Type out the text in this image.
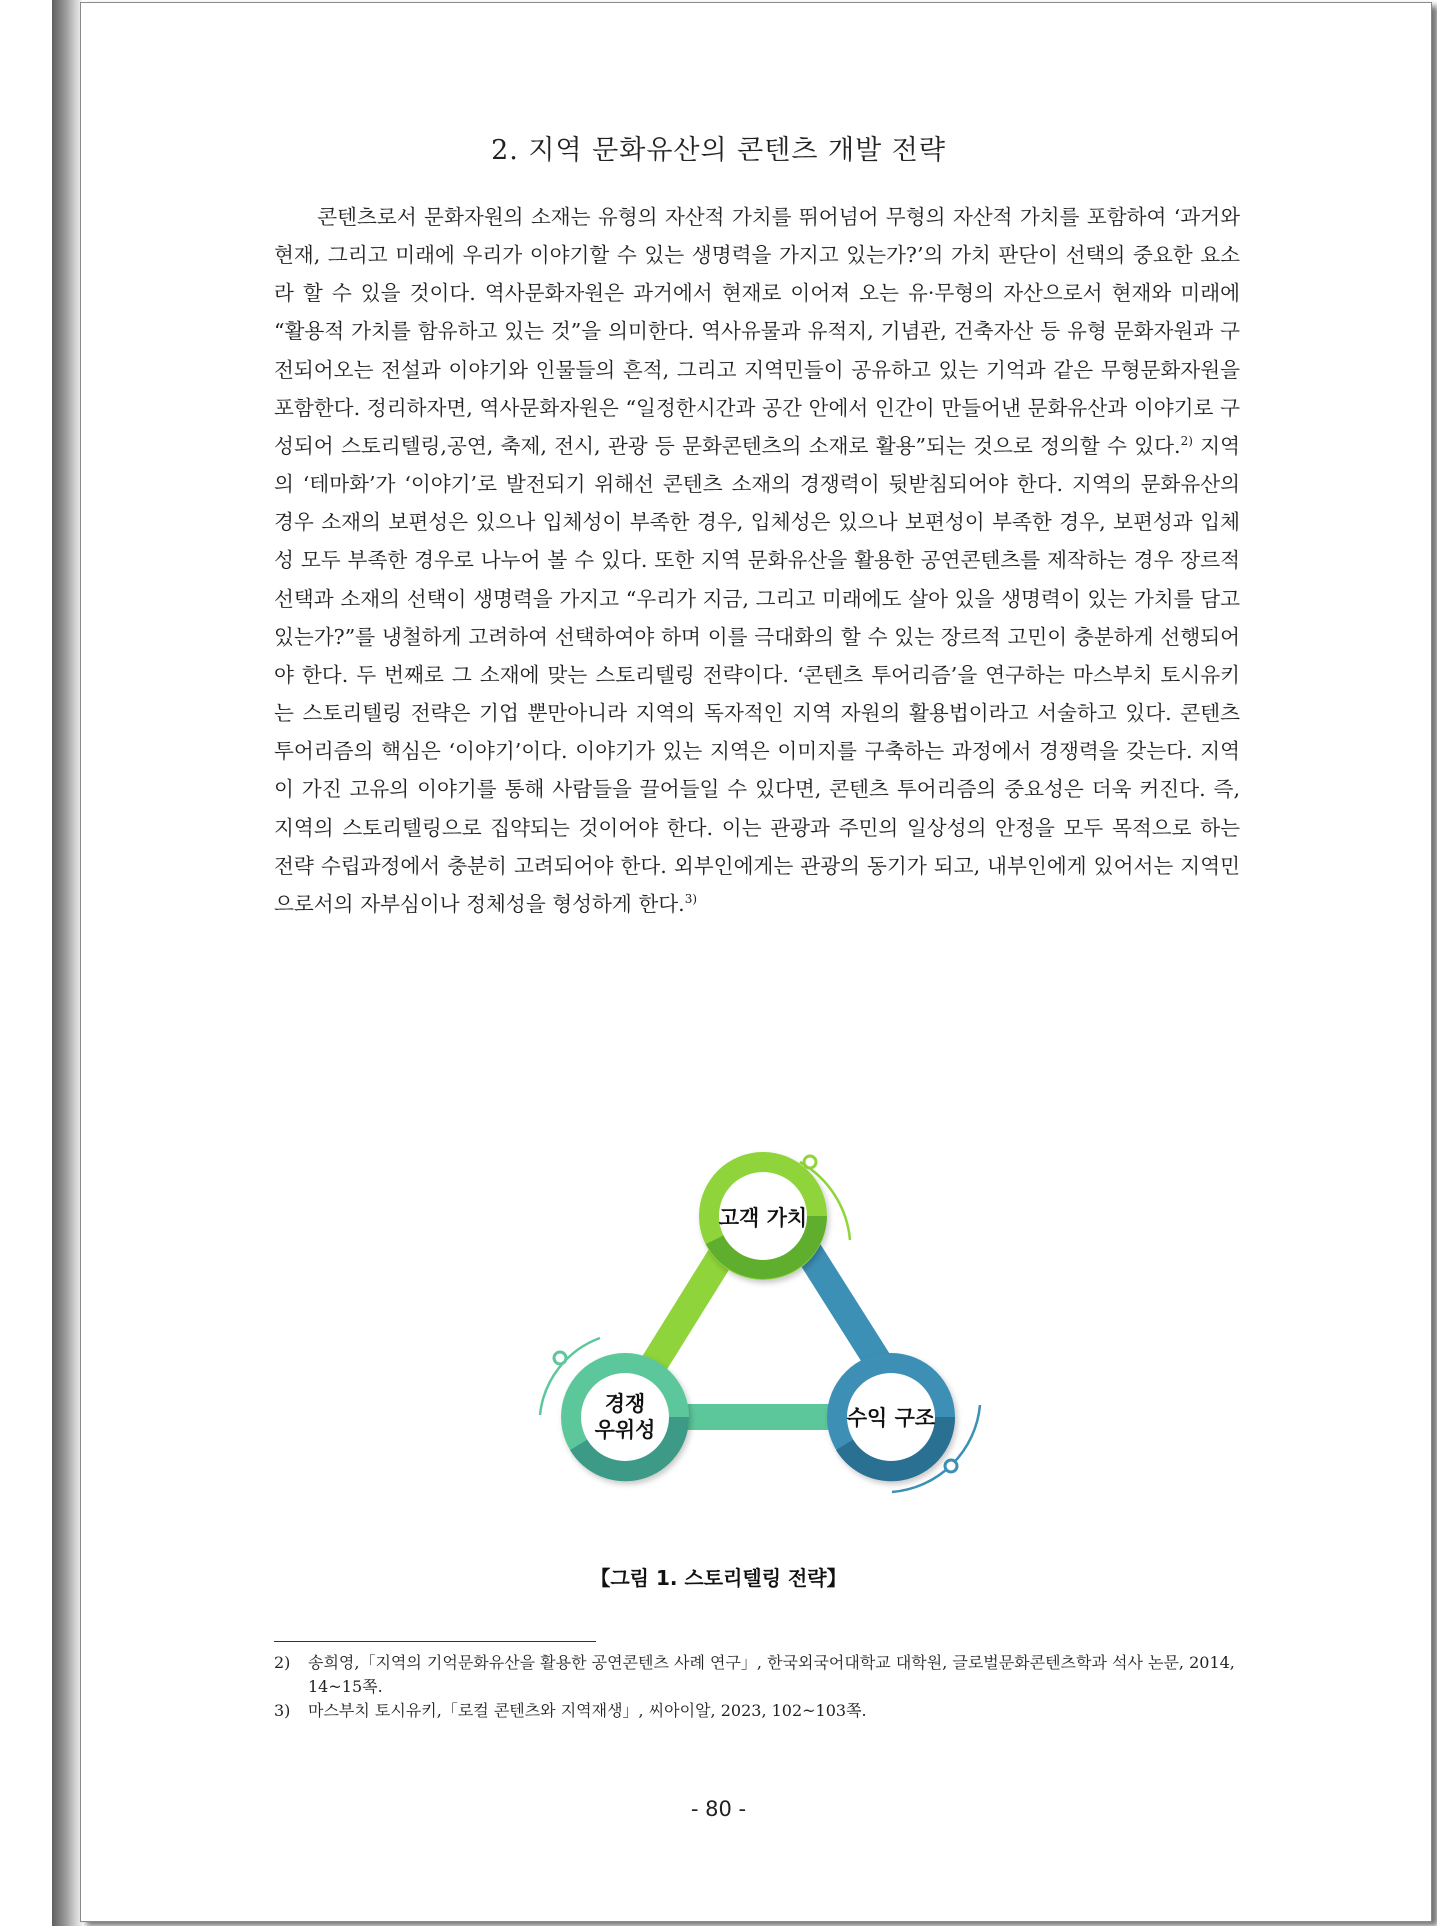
2. 지역 문화유산의 콘텐츠 개발 전략

콘텐츠로서 문화자원의 소재는 유형의 자산적 가치를 뛰어넘어 무형의 자산적 가치를 포함하여 ‘과거와 현재, 그리고 미래에 우리가 이야기할 수 있는 생명력을 가지고 있는가?’의 가치 판단이 선택의 중요한 요소라 할 수 있을 것이다. 역사문화자원은 과거에서 현재로 이어져 오는 유·무형의 자산으로서 현재와 미래에 “활용적 가치를 함유하고 있는 것”을 의미한다. 역사유물과 유적지, 기념관, 건축자산 등 유형 문화자원과 구전되어오는 전설과 이야기와 인물들의 흔적, 그리고 지역민들이 공유하고 있는 기억과 같은 무형문화자원을 포함한다. 정리하자면, 역사문화자원은 “일정한시간과 공간 안에서 인간이 만들어낸 문화유산과 이야기로 구성되어 스토리텔링,공연, 축제, 전시, 관광 등 문화콘텐츠의 소재로 활용”되는 것으로 정의할 수 있다.$^{2)}$ 지역의 ‘테마화’가 ‘이야기’로 발전되기 위해선 콘텐츠 소재의 경쟁력이 뒷받침되어야 한다. 지역의 문화유산의 경우 소재의 보편성은 있으나 입체성이 부족한 경우, 입체성은 있으나 보편성이 부족한 경우, 보편성과 입체성 모두 부족한 경우로 나누어 볼 수 있다. 또한 지역 문화유산을 활용한 공연콘텐츠를 제작하는 경우 장르적 선택과 소재의 선택이 생명력을 가지고 “우리가 지금, 그리고 미래에도 살아 있을 생명력이 있는 가치를 담고 있는가?”를 냉철하게 고려하여 선택하여야 하며 이를 극대화의 할 수 있는 장르적 고민이 충분하게 선행되어야 한다. 두 번째로 그 소재에 맞는 스토리텔링 전략이다. ‘콘텐츠 투어리즘’을 연구하는 마스부치 토시유키는 스토리텔링 전략은 기업 뿐만아니라 지역의 독자적인 지역 자원의 활용법이라고 서술하고 있다. 콘텐츠 투어리즘의 핵심은 ‘이야기’이다. 이야기가 있는 지역은 이미지를 구축하는 과정에서 경쟁력을 갖는다. 지역이 가진 고유의 이야기를 통해 사람들을 끌어들일 수 있다면, 콘텐츠 투어리즘의 중요성은 더욱 커진다. 즉, 지역의 스토리텔링으로 집약되는 것이어야 한다. 이는 관광과 주민의 일상성의 안정을 모두 목적으로 하는 전략 수립과정에서 충분히 고려되어야 한다. 외부인에게는 관광의 동기가 되고, 내부인에게 있어서는 지역민으로서의 자부심이나 정체성을 형성하게 한다.$^{3)}$

고객 가치
경쟁
우위성	수익 구조
【그림 1. 스토리텔링 전략】
2)	송희영,「지역의 기억문화유산을 활용한 공연콘텐츠 사례 연구」, 한국외국어대학교 대학원, 글로벌문화콘텐츠학과 석사 논문, 2014, 14~15쪽.
3)	마스부치 토시유키,「로컬 콘텐츠와 지역재생」, 씨아이알, 2023, 102~103쪽.
- 80 -
